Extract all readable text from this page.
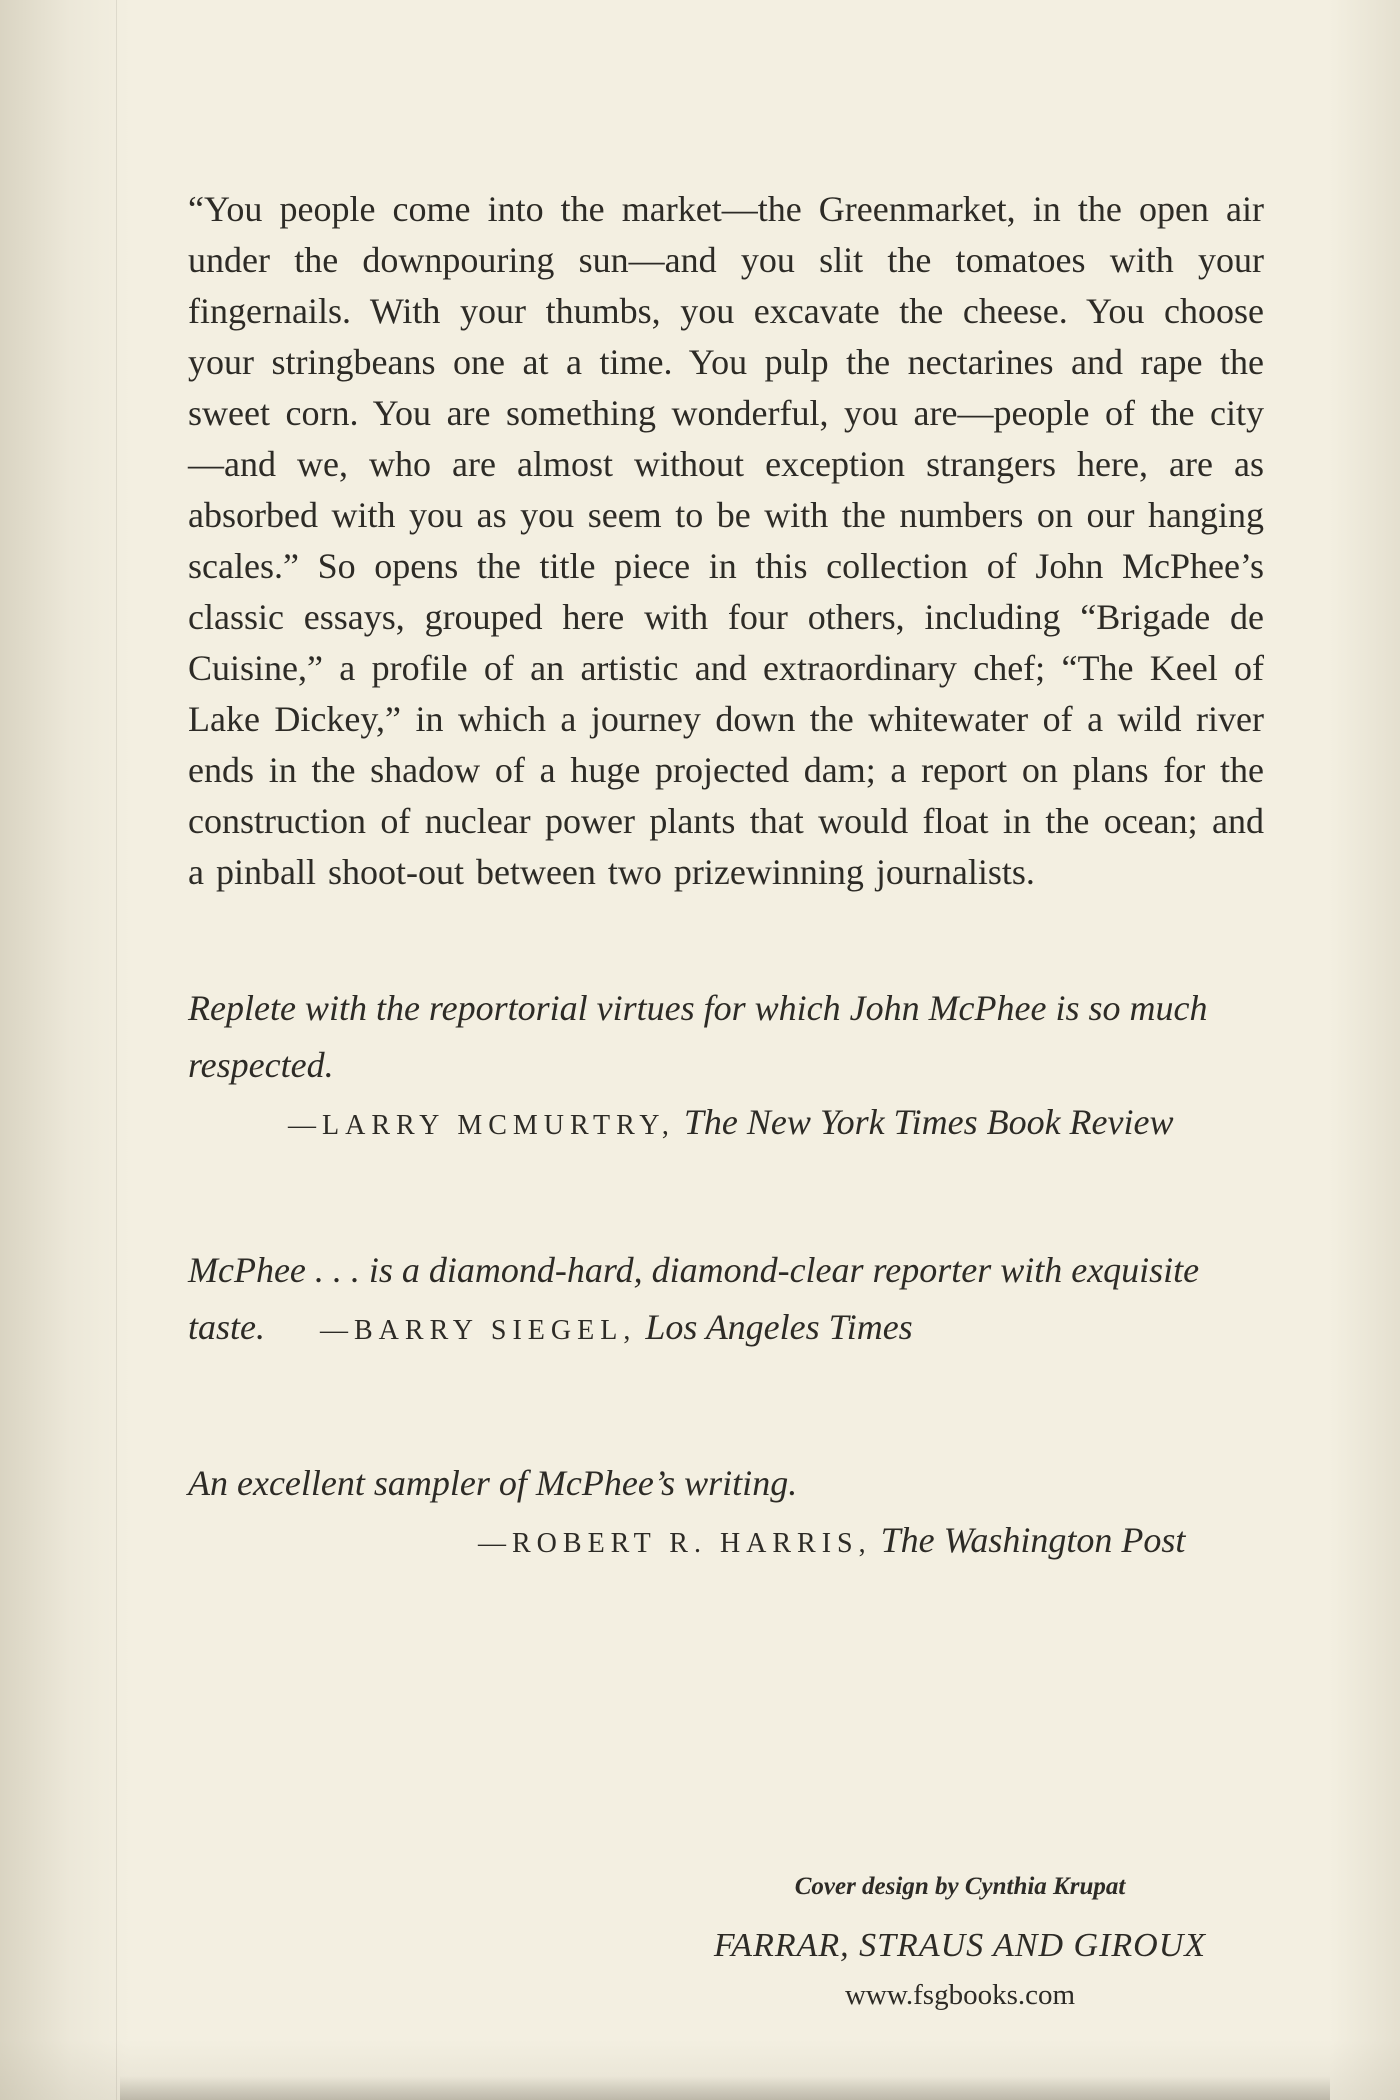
“You people come into the market—the Greenmarket, in the open air under the downpouring sun—and you slit the tomatoes with your fingernails. With your thumbs, you excavate the cheese. You choose your stringbeans one at a time. You pulp the nectarines and rape the sweet corn. You are something wonderful, you are—people of the city—and we, who are almost without exception strangers here, are as absorbed with you as you seem to be with the numbers on our hanging scales.” So opens the title piece in this collection of John McPhee’s classic essays, grouped here with four others, including “Brigade de Cuisine,” a profile of an artistic and extraordinary chef; “The Keel of Lake Dickey,” in which a journey down the whitewater of a wild river ends in the shadow of a huge projected dam; a report on plans for the construction of nuclear power plants that would float in the ocean; and a pinball shoot-out between two prizewinning journalists.

Replete with the reportorial virtues for which John McPhee is so much respected.
—LARRY MCMURTRY, The New York Times Book Review
McPhee . . . is a diamond-hard, diamond-clear reporter with exquisite taste. —BARRY SIEGEL, Los Angeles Times
An excellent sampler of McPhee’s writing.
—ROBERT R. HARRIS, The Washington Post

Cover design by Cynthia Krupat

FARRAR, STRAUS AND GIROUX

www.fsgbooks.com
